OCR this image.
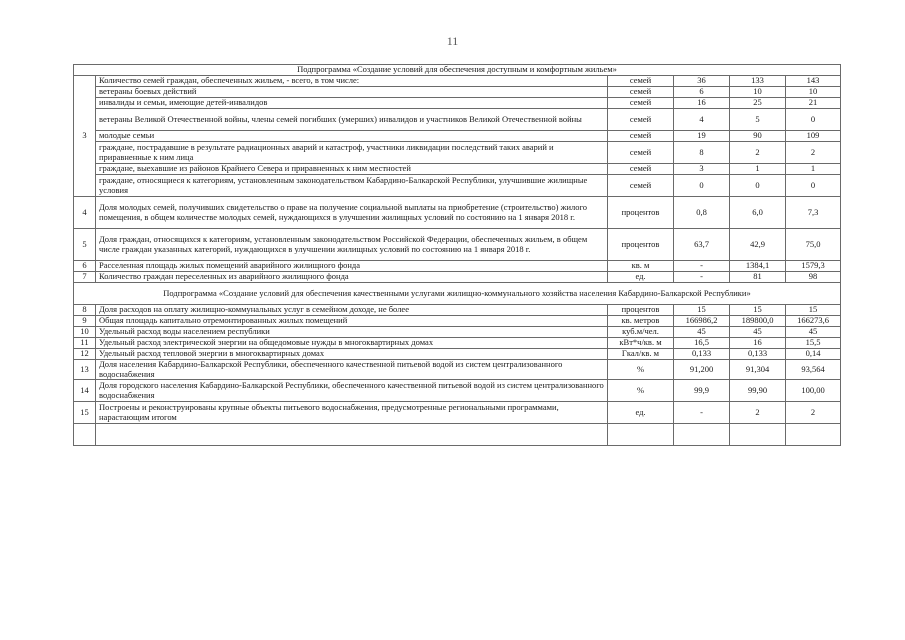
11
Подпрограмма «Создание условий для обеспечения доступным и комфортным жильем»					
3	Количество семей граждан, обеспеченных жильем, - всего, в том числе:	семей	36	133	143
	ветераны боевых действий	семей	6	10	10
	инвалиды и семьи, имеющие детей-инвалидов	семей	16	25	21
	ветераны Великой Отечественной войны, члены семей погибших (умерших) инвалидов и участников Великой Отечественной войны	семей	4	5	0
	молодые семьи	семей	19	90	109
	граждане, пострадавшие в результате радиационных аварий и катастроф, участники ликвидации последствий таких аварий и приравненные к ним лица	семей	8	2	2
	граждане, выехавшие из районов Крайнего Севера и приравненных к ним местностей	семей	3	1	1
	граждане, относящиеся к категориям, установленным законодательством Кабардино-Балкарской Республики, улучшившие жилищные условия	семей	0	0	0
4	Доля молодых семей, получивших свидетельство о праве на получение социальной выплаты на приобретение (строительство) жилого помещения, в общем количестве молодых семей, нуждающихся в улучшении жилищных условий по состоянию на 1 января 2018 г.	процентов	0,8	6,0	7,3
5	Доля граждан, относящихся к категориям, установленным законодательством Российской Федерации, обеспеченных жильем, в общем числе граждан указанных категорий, нуждающихся в улучшении жилищных условий по состоянию на 1 января 2018 г.	процентов	63,7	42,9	75,0
6	Расселенная площадь жилых помещений аварийного жилищного фонда	кв. м	-	1384,1	1579,3
7	Количество граждан переселенных из аварийного жилищного фонда	ед.	-	81	98
Подпрограмма «Создание условий для обеспечения качественными услугами жилищно-коммунального хозяйства населения Кабардино-Балкарской Республики»					
8	Доля расходов на оплату жилищно-коммунальных услуг в семейном доходе, не более	процентов	15	15	15
9	Общая площадь капитально отремонтированных жилых помещений	кв. метров	166986,2	189800,0	166273,6
10	Удельный расход воды населением республики	куб.м/чел.	45	45	45
11	Удельный расход электрической энергии на общедомовые нужды в многоквартирных домах	кВт*ч/кв. м	16,5	16	15,5
12	Удельный расход тепловой энергии в многоквартирных домах	Гкал/кв. м	0,133	0,133	0,14
13	Доля населения Кабардино-Балкарской Республики, обеспеченного качественной питьевой водой из систем централизованного водоснабжения	%	91,200	91,304	93,564
14	Доля городского населения Кабардино-Балкарской Республики, обеспеченного качественной питьевой водой из систем централизованного водоснабжения	%	99,9	99,90	100,00
15	Построены и реконструированы крупные объекты питьевого водоснабжения, предусмотренные региональными программами, нарастающим итогом	ед.	-	2	2
